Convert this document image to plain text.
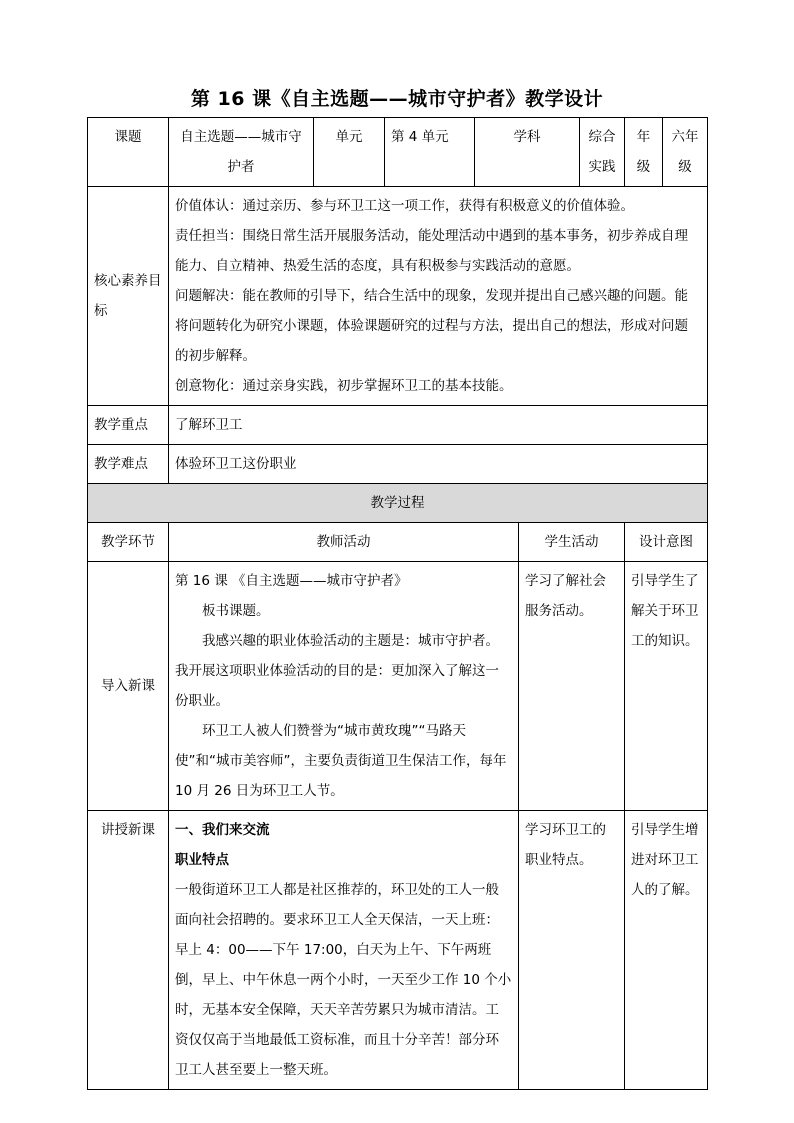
第 16 课《自主选题——城市守护者》教学设计
课题	自主选题——城市守护者	单元	第 4 单元	学科		综合实践	年级	六年级
核心素养目标	价值体认：通过亲历、参与环卫工这一项工作，获得有积极意义的价值体验。

责任担当：围绕日常生活开展服务活动，能处理活动中遇到的基本事务，初步养成自理能力、自立精神、热爱生活的态度，具有积极参与实践活动的意愿。

问题解决：能在教师的引导下，结合生活中的现象，发现并提出自己感兴趣的问题。能将问题转化为研究小课题，体验课题研究的过程与方法，提出自己的想法，形成对问题的初步解释。

创意物化：通过亲身实践，初步掌握环卫工的基本技能。							

教学重点	了解环卫工							
教学难点	体验环卫工这份职业							
教学过程								
教学环节	教师活动				学生活动		设计意图	
导入新课	第 16 课 《自主选题——城市守护者》

板书课题。

我感兴趣的职业体验活动的主题是：城市守护者。我开展这项职业体验活动的目的是：更加深入了解这一份职业。

环卫工人被人们赞誉为“城市黄玫瑰”“马路天使”和“城市美容师”，主要负责街道卫生保洁工作，每年 10 月 26 日为环卫工人节。				学习了解社会服务活动。		引导学生了解关于环卫工的知识。	
讲授新课	一、我们来交流

职业特点

一般街道环卫工人都是社区推荐的，环卫处的工人一般面向社会招聘的。要求环卫工人全天保洁，一天上班：早上 4：00——下午 17:00，白天为上午、下午两班倒，早上、中午休息一两个小时，一天至少工作 10 个小时，无基本安全保障，天天辛苦劳累只为城市清洁。工资仅仅高于当地最低工资标准，而且十分辛苦！部分环卫工人甚至要上一整天班。				学习环卫工的职业特点。		引导学生增进对环卫工人的了解。	
